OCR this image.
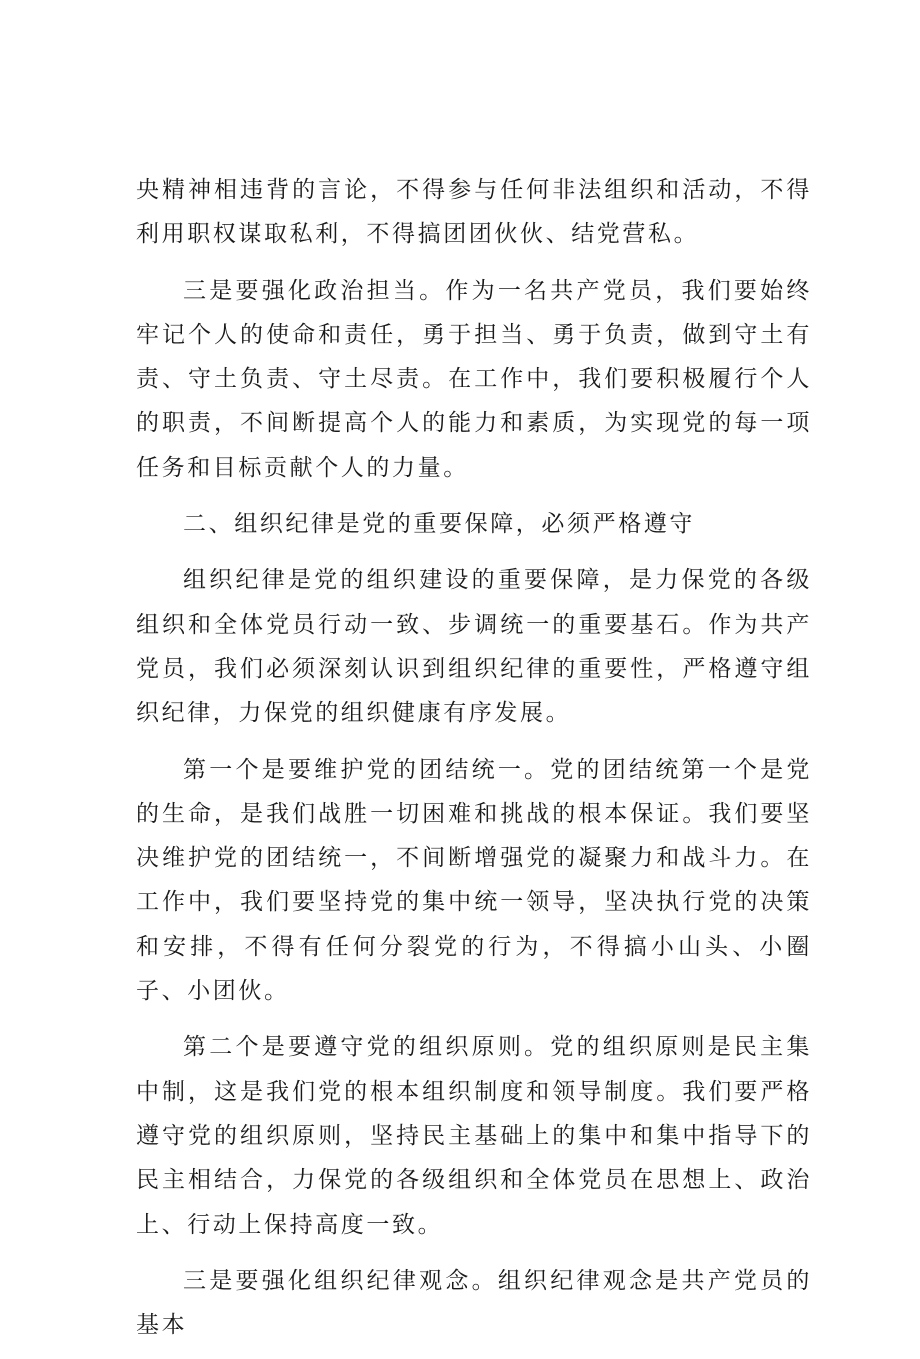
央精神相违背的言论，不得参与任何非法组织和活动，不得利用职权谋取私利，不得搞团团伙伙、结党营私。

三是要强化政治担当。作为一名共产党员，我们要始终牢记个人的使命和责任，勇于担当、勇于负责，做到守土有责、守土负责、守土尽责。在工作中，我们要积极履行个人的职责，不间断提高个人的能力和素质，为实现党的每一项任务和目标贡献个人的力量。

二、组织纪律是党的重要保障，必须严格遵守

组织纪律是党的组织建设的重要保障，是力保党的各级组织和全体党员行动一致、步调统一的重要基石。作为共产党员，我们必须深刻认识到组织纪律的重要性，严格遵守组织纪律，力保党的组织健康有序发展。

第一个是要维护党的团结统一。党的团结统第一个是党的生命，是我们战胜一切困难和挑战的根本保证。我们要坚决维护党的团结统一，不间断增强党的凝聚力和战斗力。在工作中，我们要坚持党的集中统一领导，坚决执行党的决策和安排，不得有任何分裂党的行为，不得搞小山头、小圈子、小团伙。

第二个是要遵守党的组织原则。党的组织原则是民主集中制，这是我们党的根本组织制度和领导制度。我们要严格遵守党的组织原则，坚持民主基础上的集中和集中指导下的民主相结合，力保党的各级组织和全体党员在思想上、政治上、行动上保持高度一致。

三是要强化组织纪律观念。组织纪律观念是共产党员的基本
